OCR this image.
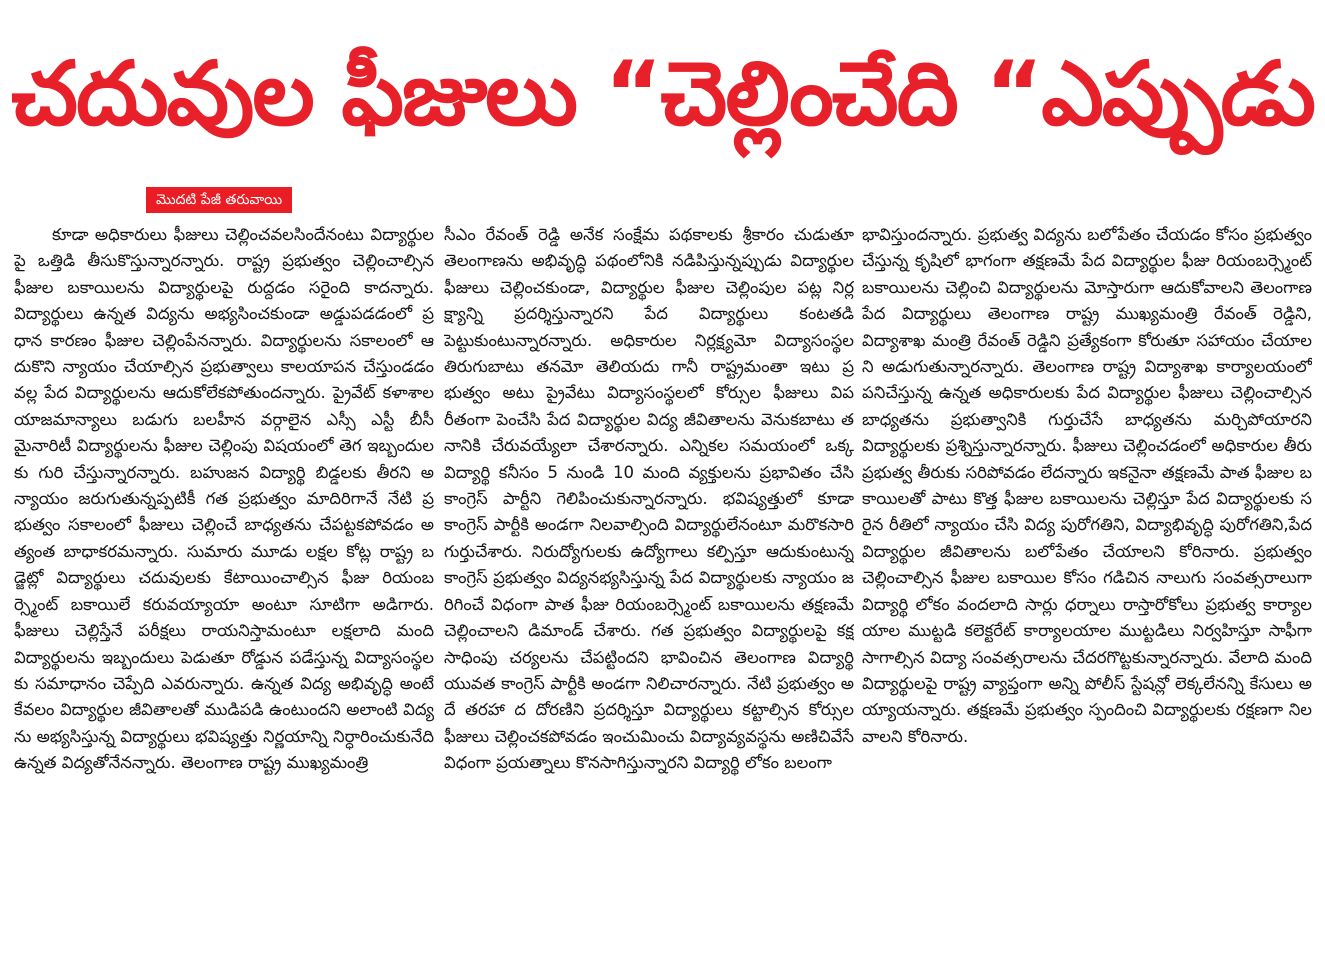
చదువుల ఫీజులు “చెల్లించేది “ఎప్పుడు
మొదటి పేజీ తరువాయి

కూడా అధికారులు ఫీజులు చెల్లించవలసిందేనంటు విద్యార్థులపై ఒత్తిడి తీసుకొస్తున్నారన్నారు. రాష్ట్ర ప్రభుత్వం చెల్లించాల్సిన ఫీజుల బకాయిలను విద్యార్థులపై రుద్దడం సరైంది కాదన్నారు. విద్యార్థులు ఉన్నత విద్యను అభ్యసించకుండా అడ్డుపడడంలో ప్రధాన కారణం ఫీజుల చెల్లింపేనన్నారు. విద్యార్థులను సకాలంలో ఆదుకొని న్యాయం చేయాల్సిన ప్రభుత్వాలు కాలయాపన చేస్తుండడం వల్ల పేద విద్యార్థులను ఆదుకోలేకపోతుందన్నారు. ప్రైవేట్ కళాశాల యాజమాన్యాలు బడుగు బలహీన వర్గాలైన ఎస్సీ ఎస్టీ బీసీ మైనారిటీ విద్యార్థులను ఫీజుల చెల్లింపు విషయంలో తెగ ఇబ్బందులకు గురి చేస్తున్నారన్నారు. బహుజన విద్యార్థి బిడ్డలకు తీరని అన్యాయం జరుగుతున్నప్పటికీ గత ప్రభుత్వం మాదిరిగానే నేటి ప్రభుత్వం సకాలంలో ఫీజులు చెల్లించే బాధ్యతను చేపట్టకపోవడం అత్యంత బాధాకరమన్నారు. సుమారు మూడు లక్షల కోట్ల రాష్ట్ర బడ్జెట్లో విద్యార్థులు చదువులకు కేటాయించాల్సిన ఫీజు రియంబర్స్మెంట్ బకాయిలే కరువయ్యాయా అంటూ సూటిగా అడిగారు. ఫీజులు చెల్లిస్తేనే పరీక్షలు రాయనిస్తామంటూ లక్షలాది మంది విద్యార్థులను ఇబ్బందులు పెడుతూ రోడ్డున పడేస్తున్న విద్యాసంస్థలకు సమాధానం చెప్పేది ఎవరున్నారు. ఉన్నత విద్య అభివృద్ధి అంటే కేవలం విద్యార్థుల జీవితాలతో ముడిపడి ఉంటుందని అలాంటి విద్యను అభ్యసిస్తున్న విద్యార్థులు భవిష్యత్తు నిర్ణయాన్ని నిర్ధారించుకునేది ఉన్నత విద్యతోనేనన్నారు. తెలంగాణ రాష్ట్ర ముఖ్యమంత్రి

సీఎం రేవంత్ రెడ్డి అనేక సంక్షేమ పథకాలకు శ్రీకారం చుడుతూ తెలంగాణను అభివృద్ధి పథంలోనికి నడిపిస్తున్నప్పుడు విద్యార్థుల ఫీజులు చెల్లించకుండా, విద్యార్థుల ఫీజుల చెల్లింపుల పట్ల నిర్లక్ష్యాన్ని ప్రదర్శిస్తున్నారని పేద విద్యార్థులు కంటతడి పెట్టుకుంటున్నారన్నారు. అధికారుల నిర్లక్ష్యమో విద్యాసంస్థల తిరుగుబాటు తనమో తెలియదు గానీ రాష్ట్రమంతా ఇటు ప్రభుత్వం అటు ప్రైవేటు విద్యాసంస్థలలో కోర్సుల ఫీజులు విపరీతంగా పెంచేసి పేద విద్యార్థుల విద్య జీవితాలను వెనుకబాటు తనానికి చేరువయ్యేలా చేశారన్నారు. ఎన్నికల సమయంలో ఒక్క విద్యార్థి కనీసం 5 నుండి 10 మంది వ్యక్తులను ప్రభావితం చేసి కాంగ్రెస్ పార్టీని గెలిపించుకున్నారన్నారు. భవిష్యత్తులో కూడా కాంగ్రెస్ పార్టీకి అండగా నిలవాల్సింది విద్యార్థులేనంటూ మరొకసారి గుర్తుచేశారు. నిరుద్యోగులకు ఉద్యోగాలు కల్పిస్తూ ఆదుకుంటున్న కాంగ్రెస్ ప్రభుత్వం విద్యనభ్యసిస్తున్న పేద విద్యార్థులకు న్యాయం జరిగించే విధంగా పాత ఫీజు రియంబర్స్మెంట్ బకాయిలను తక్షణమే చెల్లించాలని డిమాండ్ చేశారు. గత ప్రభుత్వం విద్యార్థులపై కక్ష సాధింపు చర్యలను చేపట్టిందని భావించిన తెలంగాణ విద్యార్థి యువత కాంగ్రెస్ పార్టీకి అండగా నిలిచారన్నారు. నేటి ప్రభుత్వం అదే తరహా ద దోరణిని ప్రదర్శిస్తూ విద్యార్థులు కట్టాల్సిన కోర్సుల ఫీజులు చెల్లించకపోవడం ఇంచుమించు విద్యావ్యవస్థను అణిచివేసే విధంగా ప్రయత్నాలు కొనసాగిస్తున్నారని విద్యార్థి లోకం బలంగా

భావిస్తుందన్నారు. ప్రభుత్వ విద్యను బలోపేతం చేయడం కోసం ప్రభుత్వం చేస్తున్న కృషిలో భాగంగా తక్షణమే పేద విద్యార్థుల ఫీజు రియంబర్స్మెంట్ బకాయిలను చెల్లించి విద్యార్థులను మోస్తారుగా ఆదుకోవాలని తెలంగాణ పేద విద్యార్థులు తెలంగాణ రాష్ట్ర ముఖ్యమంత్రి రేవంత్ రెడ్డిని, విద్యాశాఖ మంత్రి రేవంత్ రెడ్డిని ప్రత్యేకంగా కోరుతూ సహాయం చేయాలని అడుగుతున్నారన్నారు. తెలంగాణ రాష్ట్ర విద్యాశాఖ కార్యాలయంలో పనిచేస్తున్న ఉన్నత అధికారులకు పేద విద్యార్థుల ఫీజులు చెల్లించాల్సిన బాధ్యతను ప్రభుత్వానికి గుర్తుచేసే బాధ్యతను మర్చిపోయారని విద్యార్థులకు ప్రశ్నిస్తున్నారన్నారు. ఫీజులు చెల్లించడంలో అధికారుల తీరు ప్రభుత్వ తీరుకు సరిపోవడం లేదన్నారు ఇకనైనా తక్షణమే పాత ఫీజుల బకాయిలతో పాటు కొత్త ఫీజుల బకాయిలను చెల్లిస్తూ పేద విద్యార్థులకు సరైన రీతిలో న్యాయం చేసి విద్య పురోగతిని, విద్యాభివృద్ధి పురోగతిని,పేద విద్యార్థుల జీవితాలను బలోపేతం చేయాలని కోరినారు. ప్రభుత్వం చెల్లించాల్సిన ఫీజుల బకాయిల కోసం గడిచిన నాలుగు సంవత్సరాలుగా విద్యార్థి లోకం వందలాది సార్లు ధర్నాలు రాస్తారోకోలు ప్రభుత్వ కార్యాలయాల ముట్టడి కలెక్టరేట్ కార్యాలయాల ముట్టడిలు నిర్వహిస్తూ సాఫీగా సాగాల్సిన విద్యా సంవత్సరాలను చేదరగొట్టకున్నారన్నారు. వేలాది మంది విద్యార్థులపై రాష్ట్ర వ్యాప్తంగా అన్ని పోలీస్ స్టేషన్లో లెక్కలేనన్ని కేసులు అయ్యాయన్నారు. తక్షణమే ప్రభుత్వం స్పందించి విద్యార్థులకు రక్షణగా నిలవాలని కోరినారు.
